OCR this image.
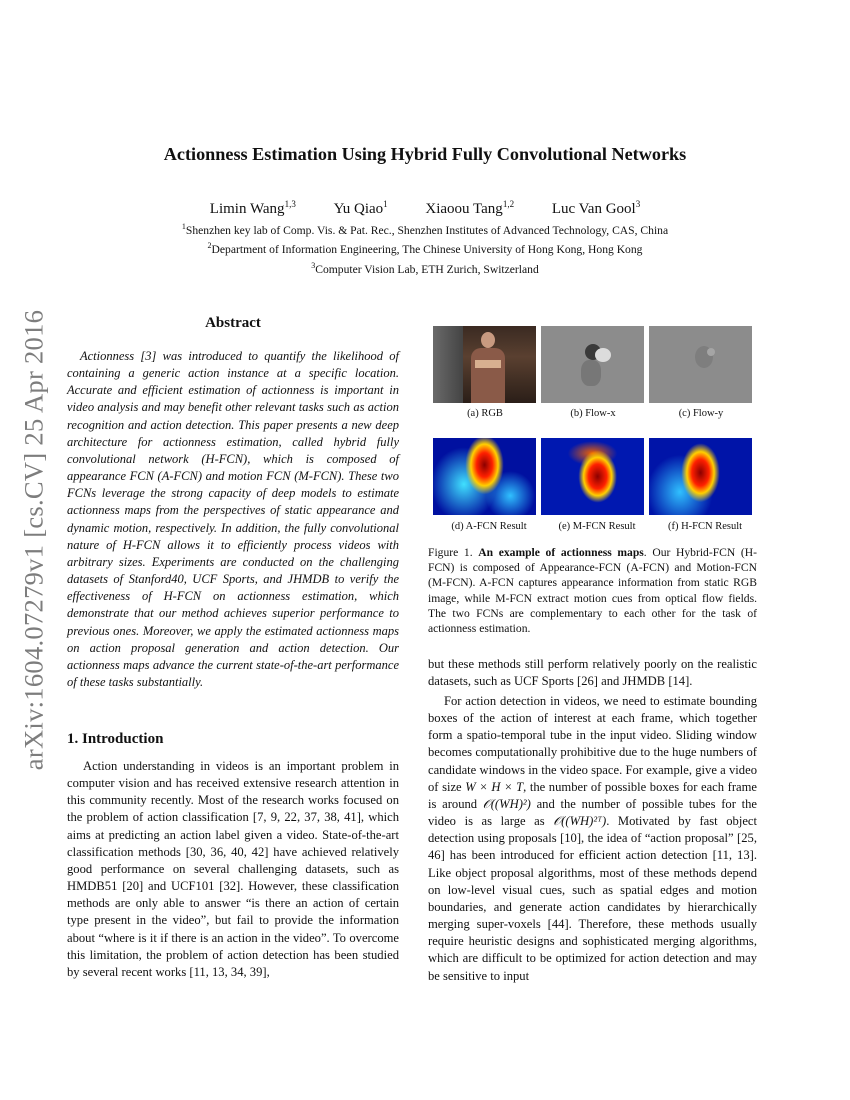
arXiv:1604.07279v1 [cs.CV] 25 Apr 2016
Actionness Estimation Using Hybrid Fully Convolutional Networks
Limin Wang$^{1,3}$	Yu Qiao$^1$	Xiaoou Tang$^{1,2}$	Luc Van Gool$^3$
$^1$Shenzhen key lab of Comp. Vis. & Pat. Rec., Shenzhen Institutes of Advanced Technology, CAS, China
$^2$Department of Information Engineering, The Chinese University of Hong Kong, Hong Kong
$^3$Computer Vision Lab, ETH Zurich, Switzerland
Abstract
Actionness [3] was introduced to quantify the likelihood of containing a generic action instance at a specific location. Accurate and efficient estimation of actionness is important in video analysis and may benefit other relevant tasks such as action recognition and action detection. This paper presents a new deep architecture for actionness estimation, called hybrid fully convolutional network (H-FCN), which is composed of appearance FCN (A-FCN) and motion FCN (M-FCN). These two FCNs leverage the strong capacity of deep models to estimate actionness maps from the perspectives of static appearance and dynamic motion, respectively. In addition, the fully convolutional nature of H-FCN allows it to efficiently process videos with arbitrary sizes. Experiments are conducted on the challenging datasets of Stanford40, UCF Sports, and JHMDB to verify the effectiveness of H-FCN on actionness estimation, which demonstrate that our method achieves superior performance to previous ones. Moreover, we apply the estimated actionness maps on action proposal generation and action detection. Our actionness maps advance the current state-of-the-art performance of these tasks substantially.
1. Introduction
Action understanding in videos is an important problem in computer vision and has received extensive research attention in this community recently. Most of the research works focused on the problem of action classification [7, 9, 22, 37, 38, 41], which aims at predicting an action label given a video. State-of-the-art classification methods [30, 36, 40, 42] have achieved relatively good performance on several challenging datasets, such as HMDB51 [20] and UCF101 [32]. However, these classification methods are only able to answer “is there an action of certain type present in the video”, but fail to provide the information about “where is it if there is an action in the video”. To overcome this limitation, the problem of action detection has been studied by several recent works [11, 13, 34, 39],
(a) RGB	(b) Flow-x	(c) Flow-y
(d) A-FCN Result	(e) M-FCN Result	(f) H-FCN Result
Figure 1. An example of actionness maps. Our Hybrid-FCN (H-FCN) is composed of Appearance-FCN (A-FCN) and Motion-FCN (M-FCN). A-FCN captures appearance information from static RGB image, while M-FCN extract motion cues from optical flow fields. The two FCNs are complementary to each other for the task of actionness estimation.
but these methods still perform relatively poorly on the realistic datasets, such as UCF Sports [26] and JHMDB [14].
For action detection in videos, we need to estimate bounding boxes of the action of interest at each frame, which together form a spatio-temporal tube in the input video. Sliding window becomes computationally prohibitive due to the huge numbers of candidate windows in the video space. For example, give a video of size W × H × T, the number of possible boxes for each frame is around 𝒪((WH)²) and the number of possible tubes for the video is as large as 𝒪((WH)²ᵀ). Motivated by fast object detection using proposals [10], the idea of “action proposal” [25, 46] has been introduced for efficient action detection [11, 13]. Like object proposal algorithms, most of these methods depend on low-level visual cues, such as spatial edges and motion boundaries, and generate action candidates by hierarchically merging super-voxels [44]. Therefore, these methods usually require heuristic designs and sophisticated merging algorithms, which are difficult to be optimized for action detection and may be sensitive to input
